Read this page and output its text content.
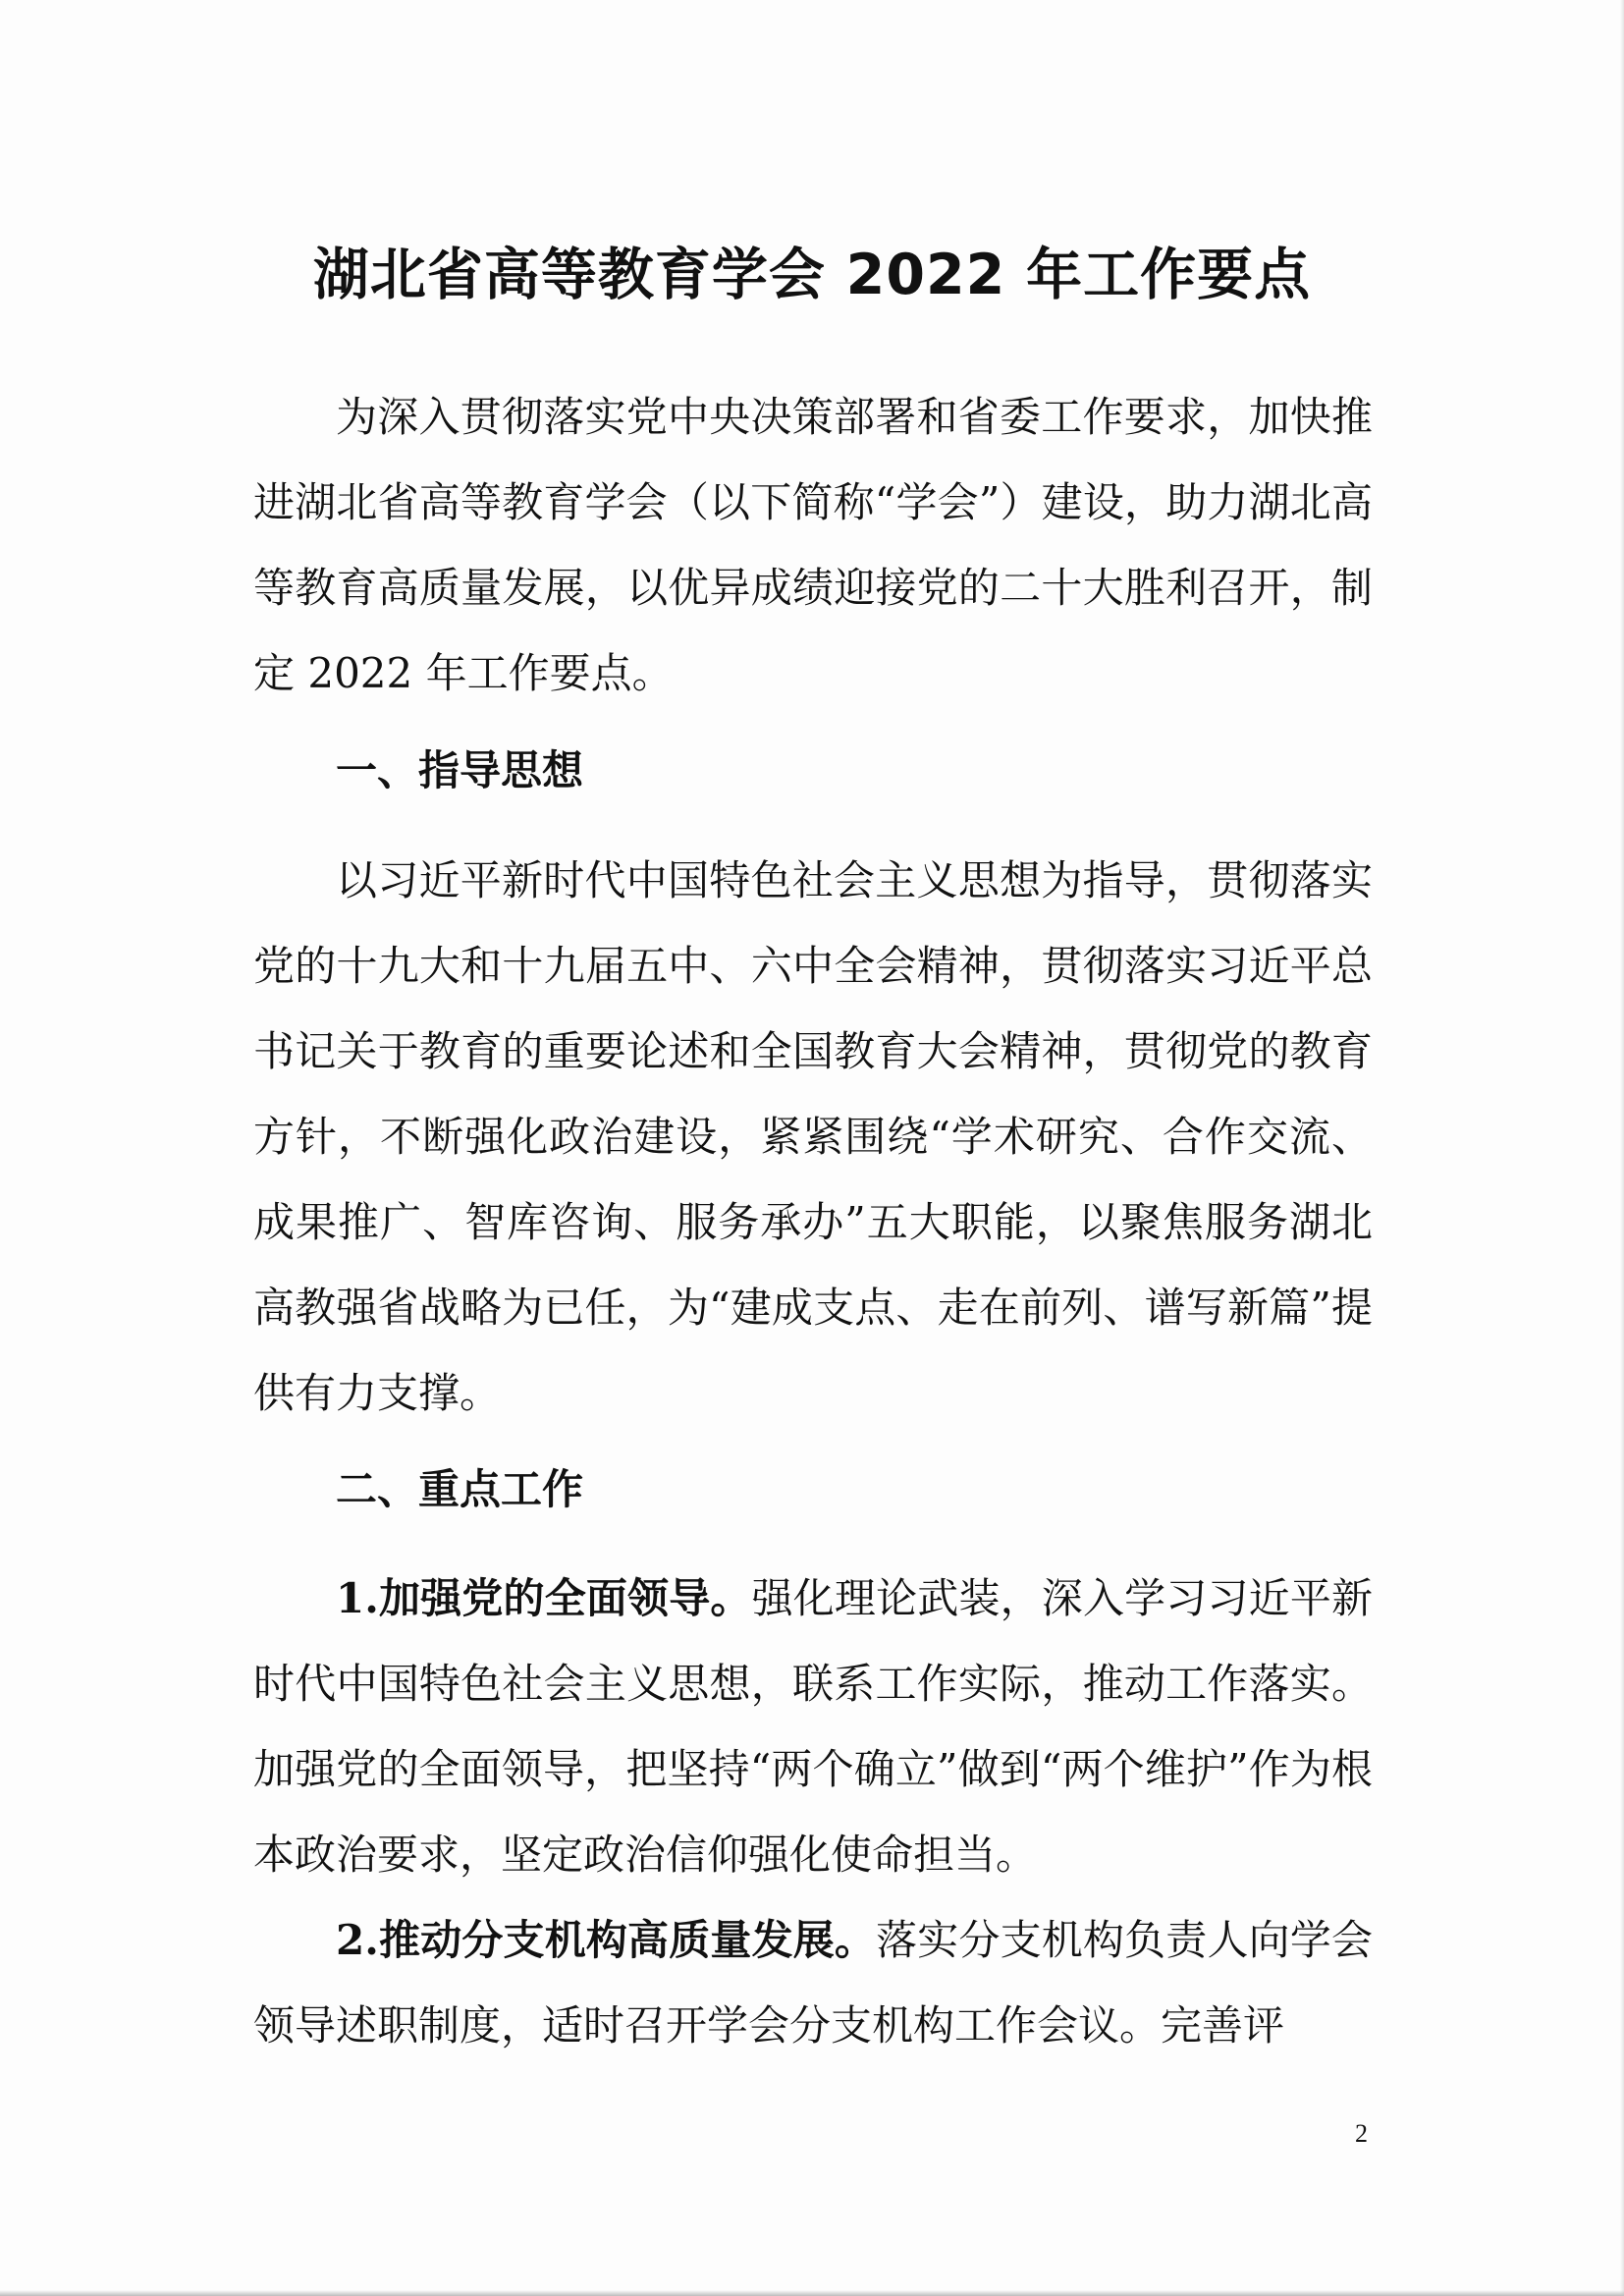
湖北省高等教育学会 2022 年工作要点

为深入贯彻落实党中央决策部署和省委工作要求，加快推进湖北省高等教育学会（以下简称“学会”）建设，助力湖北高等教育高质量发展，以优异成绩迎接党的二十大胜利召开，制定 2022 年工作要点。

一、指导思想

以习近平新时代中国特色社会主义思想为指导，贯彻落实党的十九大和十九届五中、六中全会精神，贯彻落实习近平总书记关于教育的重要论述和全国教育大会精神，贯彻党的教育方针，不断强化政治建设，紧紧围绕“学术研究、合作交流、成果推广、智库咨询、服务承办”五大职能，以聚焦服务湖北高教强省战略为已任，为“建成支点、走在前列、谱写新篇”提供有力支撑。

二、重点工作

1.加强党的全面领导。强化理论武装，深入学习习近平新时代中国特色社会主义思想，联系工作实际，推动工作落实。加强党的全面领导，把坚持“两个确立”做到“两个维护”作为根本政治要求，坚定政治信仰强化使命担当。

2.推动分支机构高质量发展。落实分支机构负责人向学会领导述职制度，适时召开学会分支机构工作会议。完善评

2
